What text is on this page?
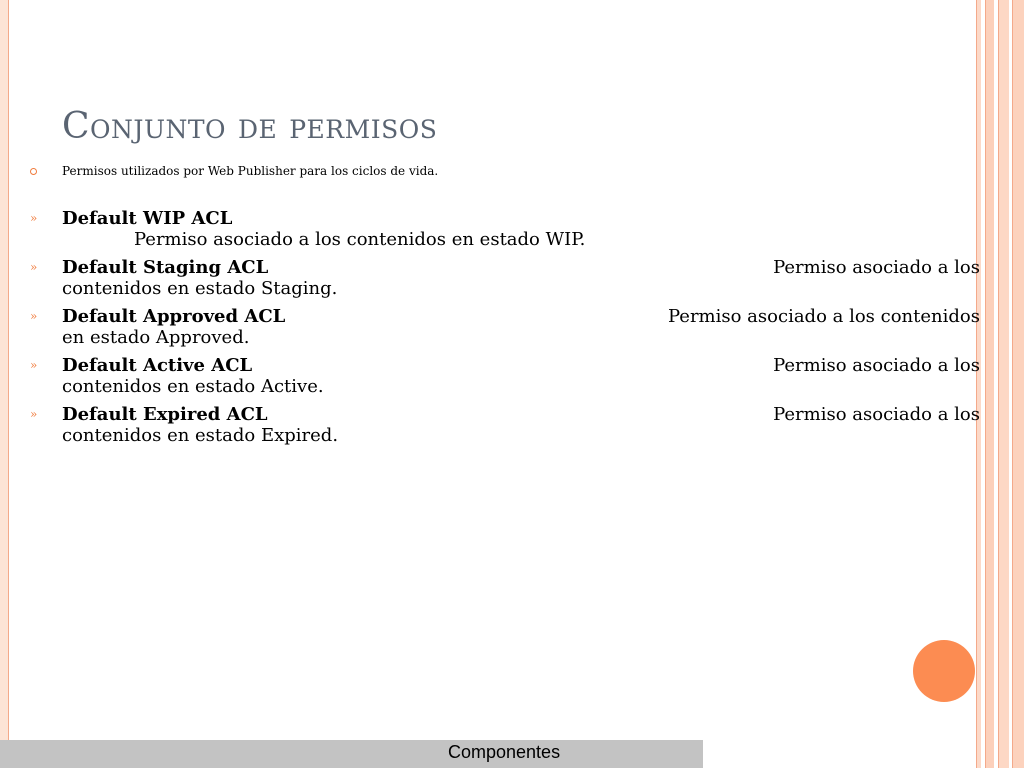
Conjunto de permisos
Permisos utilizados por Web Publisher para los ciclos de vida.
» Default WIP ACL
Permiso asociado a los contenidos en estado WIP.
» Default Staging ACL	Permiso asociado a los
contenidos en estado Staging.
» Default Approved ACL	Permiso asociado a los contenidos
en estado Approved.
» Default Active ACL	Permiso asociado a los
contenidos en estado Active.
» Default Expired ACL	Permiso asociado a los
contenidos en estado Expired.
Componentes
